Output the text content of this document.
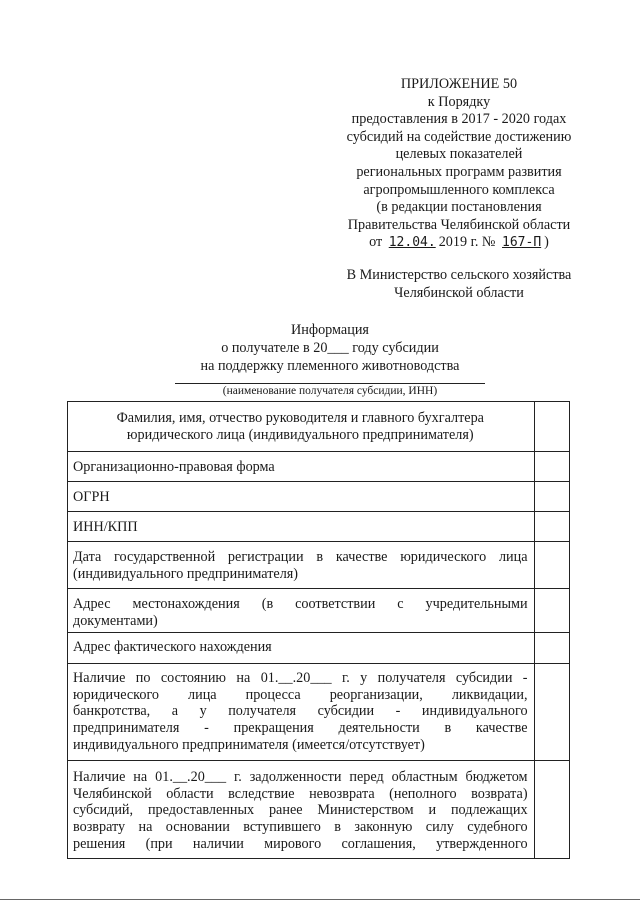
ПРИЛОЖЕНИЕ 50
к Порядку
предоставления в 2017 - 2020 годах
субсидий на содействие достижению
целевых показателей
региональных программ развития
агропромышленного комплекса
(в редакции постановления
Правительства Челябинской области
от 12.04. 2019 г. № 167-П )
В Министерство сельского хозяйства
Челябинской области
Информация
о получателе в 20___ году субсидии
на поддержку племенного животноводства
(наименование получателя субсидии, ИНН)
Фамилия, имя, отчество руководителя и главного бухгалтера
юридического лица (индивидуального предпринимателя)	

Организационно-правовая форма	
ОГРН	
ИНН/КПП	

Дата государственной регистрации в качестве юридического лица
(индивидуального предпринимателя)	

Адрес местонахождения (в соответствии с учредительными
документами)	

Адрес фактического нахождения	

Наличие по состоянию на 01.__.20___ г. у получателя субсидии -
юридического лица процесса реорганизации, ликвидации,
банкротства, а у получателя субсидии - индивидуального
предпринимателя - прекращения деятельности в качестве
индивидуального предпринимателя (имеется/отсутствует)	

Наличие на 01.__.20___ г. задолженности перед областным бюджетом
Челябинской области вследствие невозврата (неполного возврата)
субсидий, предоставленных ранее Министерством и подлежащих
возврату на основании вступившего в законную силу судебного
решения (при наличии мирового соглашения, утвержденного	
